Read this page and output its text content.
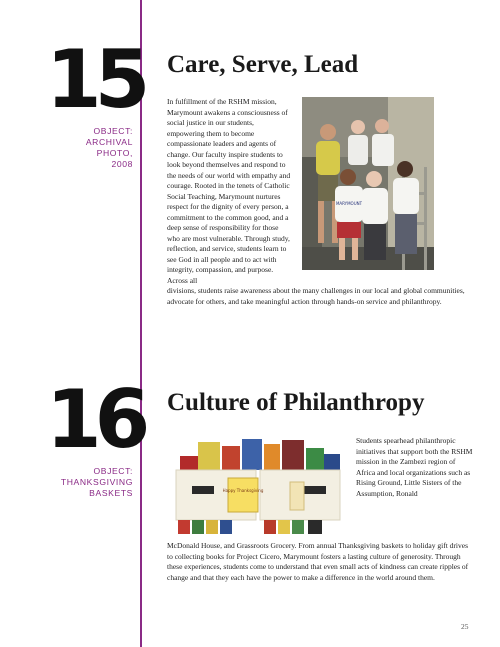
15
OBJECT:
ARCHIVAL
PHOTO,
2008
Care, Serve, Lead

In fulfillment of the RSHM mission, Marymount awakens a consciousness of social justice in our students, empowering them to become compassionate leaders and agents of change. Our faculty inspire students to look beyond themselves and respond to the needs of our world with empathy and courage. Rooted in the tenets of Catholic Social Teaching, Marymount nurtures respect for the dignity of every person, a commitment to the common good, and a deep sense of responsibility for those who are most vulnerable. Through study, reflection, and service, students learn to see God in all people and to act with integrity, compassion, and purpose. Across all

divisions, students raise awareness about the many challenges in our local and global communities, advocate for others, and take meaningful action through hands-on service and philanthropy.

MARYMOUNT
16
OBJECT:
THANKSGIVING
BASKETS
Culture of Philanthropy

Students spearhead philanthropic initiatives that support both the RSHM mission in the Zambezi region of Africa and local organizations such as Rising Ground, Little Sisters of the Assumption, Ronald

McDonald House, and Grassroots Grocery. From annual Thanksgiving baskets to holiday gift drives to collecting books for Project Cicero, Marymount fosters a lasting culture of generosity. Through these experiences, students come to understand that even small acts of kindness can create ripples of change and that they each have the power to make a difference in the world around them.

Happy Thanksgiving
25
